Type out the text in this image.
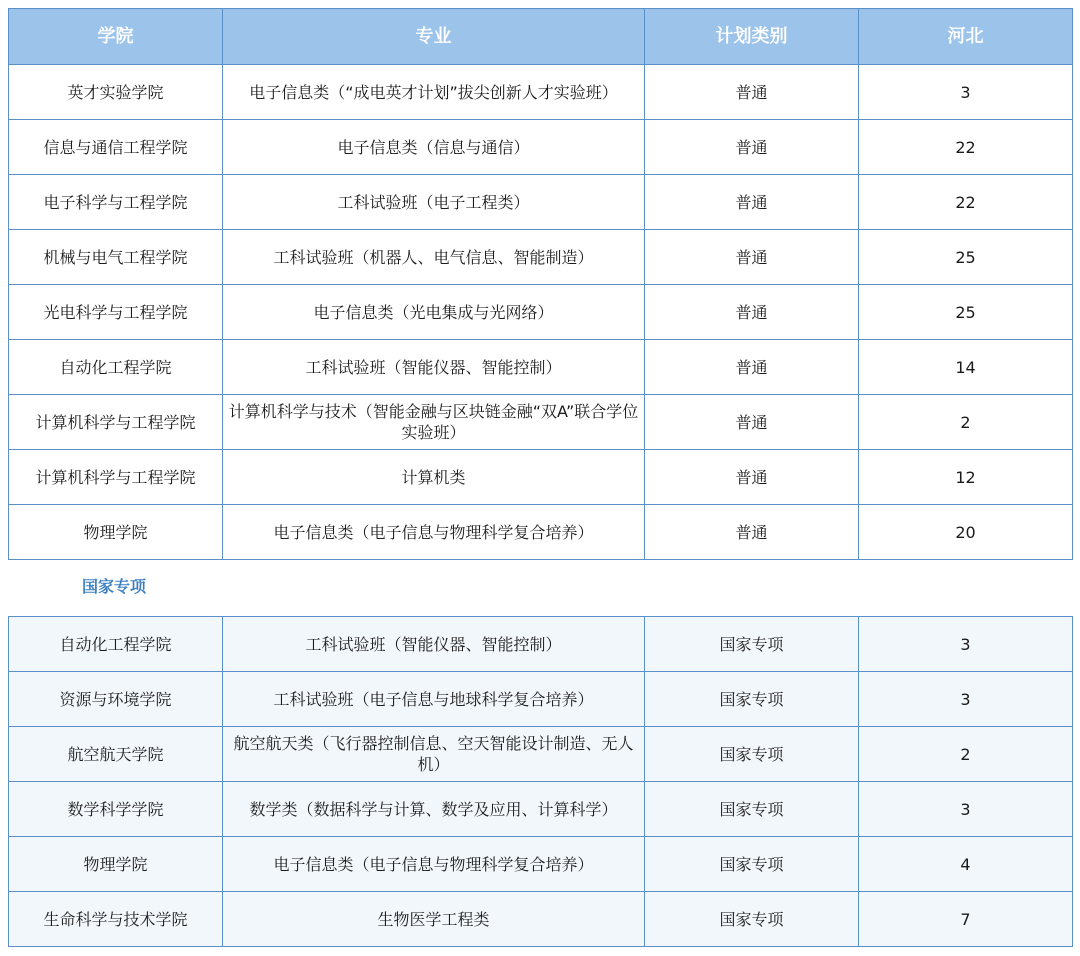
学院	专业	计划类别	河北
英才实验学院	电子信息类（“成电英才计划”拔尖创新人才实验班）	普通	3
信息与通信工程学院	电子信息类（信息与通信）	普通	22
电子科学与工程学院	工科试验班（电子工程类）	普通	22
机械与电气工程学院	工科试验班（机器人、电气信息、智能制造）	普通	25
光电科学与工程学院	电子信息类（光电集成与光网络）	普通	25
自动化工程学院	工科试验班（智能仪器、智能控制）	普通	14
计算机科学与工程学院	计算机科学与技术（智能金融与区块链金融“双A”联合学位实验班）	普通	2
计算机科学与工程学院	计算机类	普通	12
物理学院	电子信息类（电子信息与物理科学复合培养）	普通	20
国家专项
自动化工程学院	工科试验班（智能仪器、智能控制）	国家专项	3
资源与环境学院	工科试验班（电子信息与地球科学复合培养）	国家专项	3
航空航天学院	航空航天类（飞行器控制信息、空天智能设计制造、无人机）	国家专项	2
数学科学学院	数学类（数据科学与计算、数学及应用、计算科学）	国家专项	3
物理学院	电子信息类（电子信息与物理科学复合培养）	国家专项	4
生命科学与技术学院	生物医学工程类	国家专项	7
